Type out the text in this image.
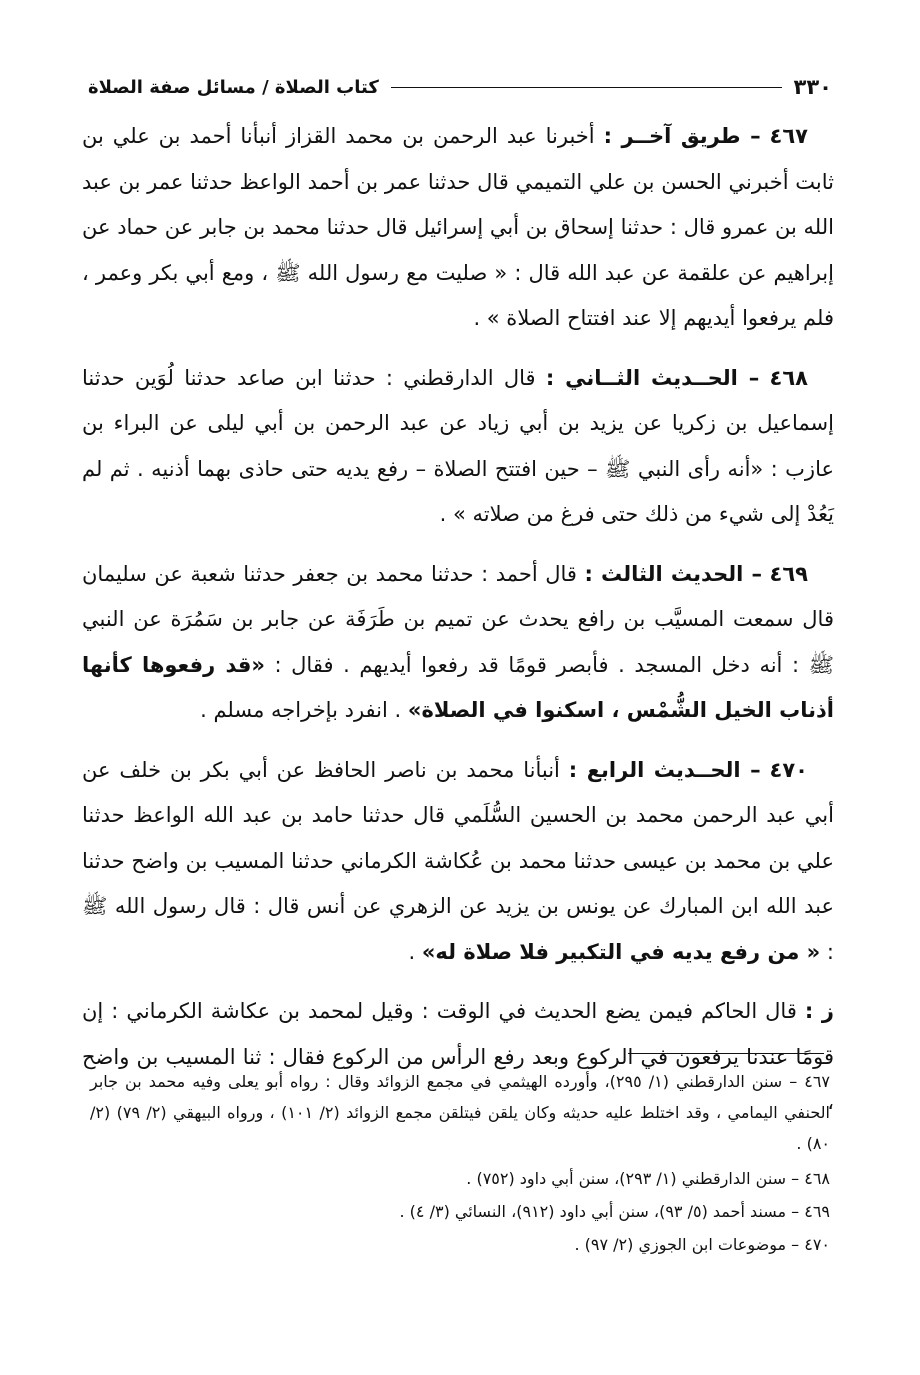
٣٣٠
كتاب الصلاة / مسائل صفة الصلاة

٤٦٧ – طريق آخــر : أخبرنا عبد الرحمن بن محمد القزاز أنبأنا أحمد بن علي بن ثابت أخبرني الحسن بن علي التميمي قال حدثنا عمر بن أحمد الواعظ حدثنا عمر بن عبد الله بن عمرو قال : حدثنا إسحاق بن أبي إسرائيل قال حدثنا محمد بن جابر عن حماد عن إبراهيم عن علقمة عن عبد الله قال : « صليت مع رسول الله ﷺ ، ومع أبي بكر وعمر ، فلم يرفعوا أيديهم إلا عند افتتاح الصلاة » .

٤٦٨ – الحــديث الثــاني : قال الدارقطني : حدثنا ابن صاعد حدثنا لُوَين حدثنا إسماعيل بن زكريا عن يزيد بن أبي زياد عن عبد الرحمن بن أبي ليلى عن البراء بن عازب : «أنه رأى النبي ﷺ – حين افتتح الصلاة – رفع يديه حتى حاذى بهما أذنيه . ثم لم يَعُدْ إلى شيء من ذلك حتى فرغ من صلاته » .

٤٦٩ – الحديث الثالث : قال أحمد : حدثنا محمد بن جعفر حدثنا شعبة عن سليمان قال سمعت المسيَّب بن رافع يحدث عن تميم بن طَرَفَة عن جابر بن سَمُرَة عن النبي ﷺ : أنه دخل المسجد . فأبصر قومًا قد رفعوا أيديهم . فقال : «قد رفعوها كأنها أذناب الخيل الشُّمْس ، اسكنوا في الصلاة» . انفرد بإخراجه مسلم .

٤٧٠ – الحــديث الرابع : أنبأنا محمد بن ناصر الحافظ عن أبي بكر بن خلف عن أبي عبد الرحمن محمد بن الحسين السُّلَمي قال حدثنا حامد بن عبد الله الواعظ حدثنا علي بن محمد بن عيسى حدثنا محمد بن عُكاشة الكرماني حدثنا المسيب بن واضح حدثنا عبد الله ابن المبارك عن يونس بن يزيد عن الزهري عن أنس قال : قال رسول الله ﷺ : « من رفع يديه في التكبير فلا صلاة له» .

ز : قال الحاكم فيمن يضع الحديث في الوقت : وقيل لمحمد بن عكاشة الكرماني : إن قومًا عندنا يرفعون في الركوع وبعد رفع الرأس من الركوع فقال : ثنا المسيب بن واضح ،

٤٦٧ – سنن الدارقطني (١/ ٢٩٥)، وأورده الهيثمي في مجمع الزوائد وقال : رواه أبو يعلى وفيه محمد بن جابر الحنفي اليمامي ، وقد اختلط عليه حديثه وكان يلقن فيتلقن مجمع الزوائد (٢/ ١٠١) ، ورواه البيهقي (٢/ ٧٩) (٢/ ٨٠) .

٤٦٨ – سنن الدارقطني (١/ ٢٩٣)، سنن أبي داود (٧٥٢) .

٤٦٩ – مسند أحمد (٥/ ٩٣)، سنن أبي داود (٩١٢)، النسائي (٣/ ٤) .

٤٧٠ – موضوعات ابن الجوزي (٢/ ٩٧) .
